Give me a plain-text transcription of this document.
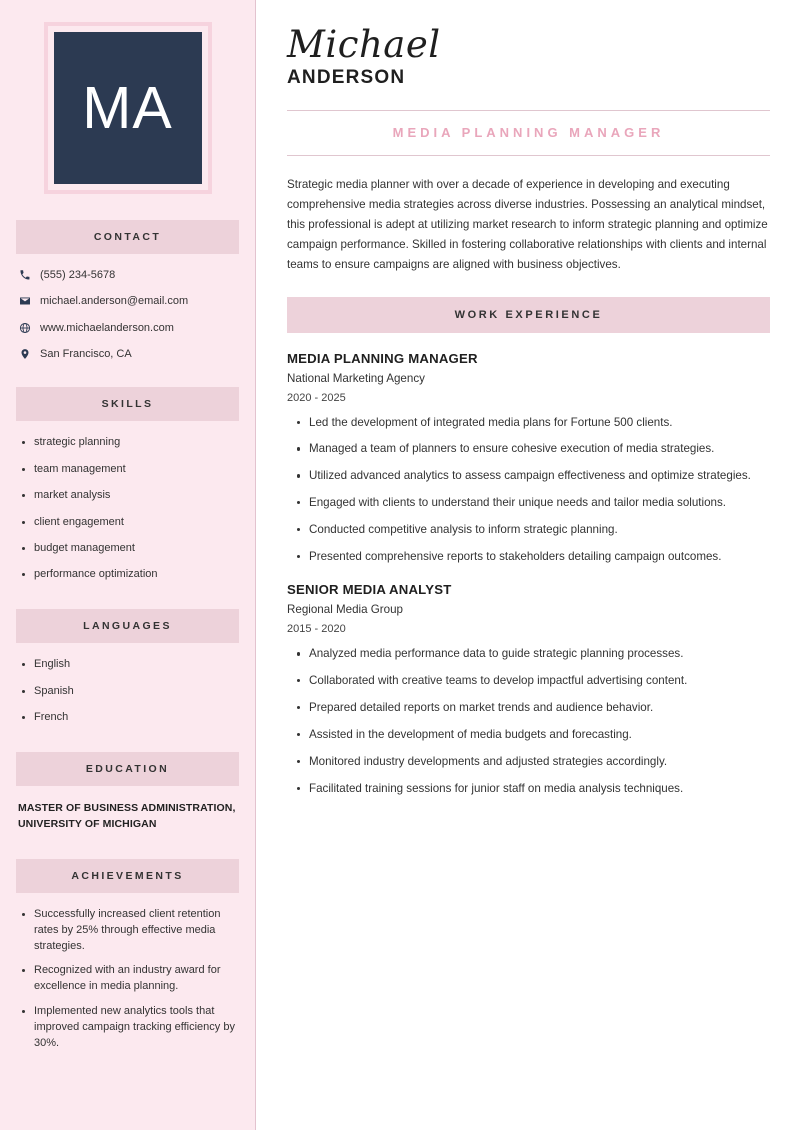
MA
CONTACT
(555) 234-5678
michael.anderson@email.com
www.michaelanderson.com
San Francisco, CA
SKILLS
strategic planning
team management
market analysis
client engagement
budget management
performance optimization
LANGUAGES
English
Spanish
French
EDUCATION
MASTER OF BUSINESS ADMINISTRATION, UNIVERSITY OF MICHIGAN
ACHIEVEMENTS
Successfully increased client retention rates by 25% through effective media strategies.
Recognized with an industry award for excellence in media planning.
Implemented new analytics tools that improved campaign tracking efficiency by 30%.
Michael
ANDERSON
MEDIA PLANNING MANAGER

Strategic media planner with over a decade of experience in developing and executing comprehensive media strategies across diverse industries. Possessing an analytical mindset, this professional is adept at utilizing market research to inform strategic planning and optimize campaign performance. Skilled in fostering collaborative relationships with clients and internal teams to ensure campaigns are aligned with business objectives.

WORK EXPERIENCE
MEDIA PLANNING MANAGER
National Marketing Agency
2020 - 2025
Led the development of integrated media plans for Fortune 500 clients.
Managed a team of planners to ensure cohesive execution of media strategies.
Utilized advanced analytics to assess campaign effectiveness and optimize strategies.
Engaged with clients to understand their unique needs and tailor media solutions.
Conducted competitive analysis to inform strategic planning.
Presented comprehensive reports to stakeholders detailing campaign outcomes.
SENIOR MEDIA ANALYST
Regional Media Group
2015 - 2020
Analyzed media performance data to guide strategic planning processes.
Collaborated with creative teams to develop impactful advertising content.
Prepared detailed reports on market trends and audience behavior.
Assisted in the development of media budgets and forecasting.
Monitored industry developments and adjusted strategies accordingly.
Facilitated training sessions for junior staff on media analysis techniques.
